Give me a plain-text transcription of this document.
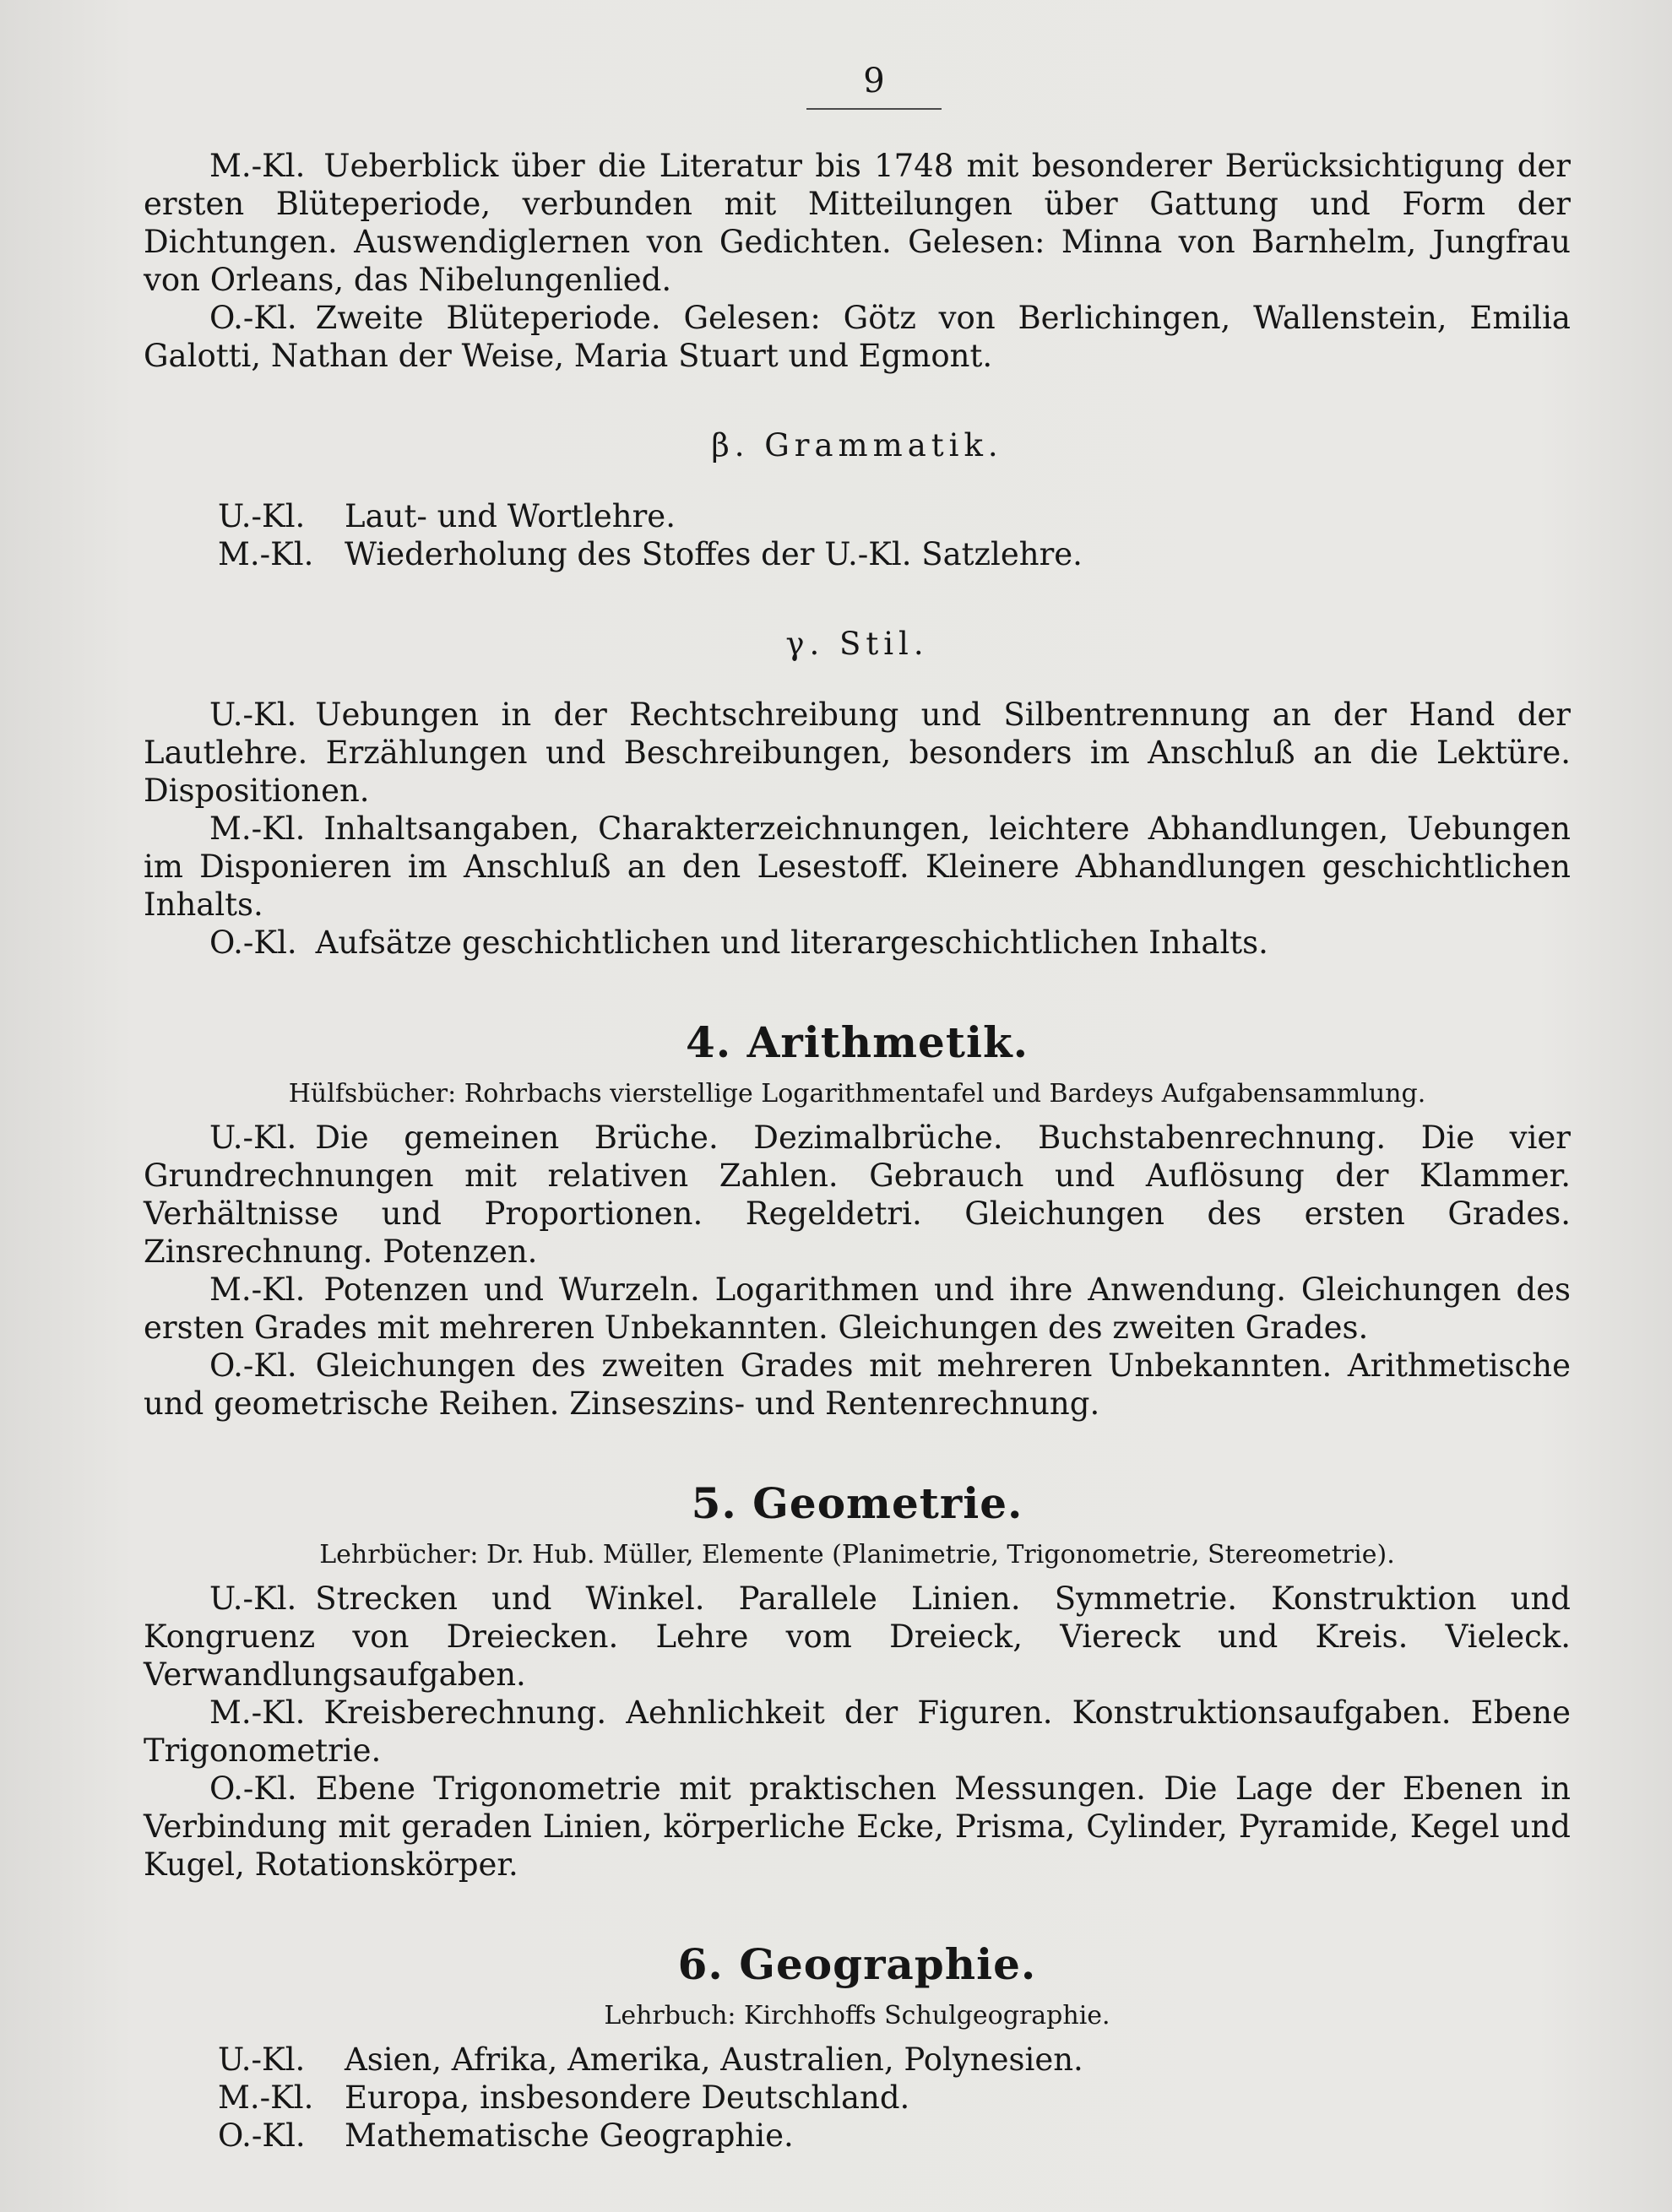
9

M.-Kl. Ueberblick über die Literatur bis 1748 mit besonderer Berücksichtigung der ersten Blüteperiode, verbunden mit Mitteilungen über Gattung und Form der Dichtungen. Auswendiglernen von Gedichten. Gelesen: Minna von Barnhelm, Jungfrau von Orleans, das Nibelungenlied.

O.-Kl. Zweite Blüteperiode. Gelesen: Götz von Berlichingen, Wallenstein, Emilia Galotti, Nathan der Weise, Maria Stuart und Egmont.

β. Grammatik.
U.-Kl. Laut- und Wortlehre.
M.-Kl. Wiederholung des Stoffes der U.-Kl. Satzlehre.
γ. Stil.

U.-Kl. Uebungen in der Rechtschreibung und Silbentrennung an der Hand der Lautlehre. Erzählungen und Beschreibungen, besonders im Anschluß an die Lektüre. Dispositionen.

M.-Kl. Inhaltsangaben, Charakterzeichnungen, leichtere Abhandlungen, Uebungen im Disponieren im Anschluß an den Lesestoff. Kleinere Abhandlungen geschichtlichen Inhalts.

O.-Kl. Aufsätze geschichtlichen und literargeschichtlichen Inhalts.

4. Arithmetik.
Hülfsbücher: Rohrbachs vierstellige Logarithmentafel und Bardeys Aufgabensammlung.

U.-Kl. Die gemeinen Brüche. Dezimalbrüche. Buchstabenrechnung. Die vier Grundrechnungen mit relativen Zahlen. Gebrauch und Auflösung der Klammer. Verhältnisse und Proportionen. Regeldetri. Gleichungen des ersten Grades. Zinsrechnung. Potenzen.

M.-Kl. Potenzen und Wurzeln. Logarithmen und ihre Anwendung. Gleichungen des ersten Grades mit mehreren Unbekannten. Gleichungen des zweiten Grades.

O.-Kl. Gleichungen des zweiten Grades mit mehreren Unbekannten. Arithmetische und geometrische Reihen. Zinseszins- und Rentenrechnung.

5. Geometrie.
Lehrbücher: Dr. Hub. Müller, Elemente (Planimetrie, Trigonometrie, Stereometrie).

U.-Kl. Strecken und Winkel. Parallele Linien. Symmetrie. Konstruktion und Kongruenz von Dreiecken. Lehre vom Dreieck, Viereck und Kreis. Vieleck. Verwandlungsaufgaben.

M.-Kl. Kreisberechnung. Aehnlichkeit der Figuren. Konstruktionsaufgaben. Ebene Trigonometrie.

O.-Kl. Ebene Trigonometrie mit praktischen Messungen. Die Lage der Ebenen in Verbindung mit geraden Linien, körperliche Ecke, Prisma, Cylinder, Pyramide, Kegel und Kugel, Rotationskörper.

6. Geographie.
Lehrbuch: Kirchhoffs Schulgeographie.
U.-Kl. Asien, Afrika, Amerika, Australien, Polynesien.
M.-Kl. Europa, insbesondere Deutschland.
O.-Kl. Mathematische Geographie.
